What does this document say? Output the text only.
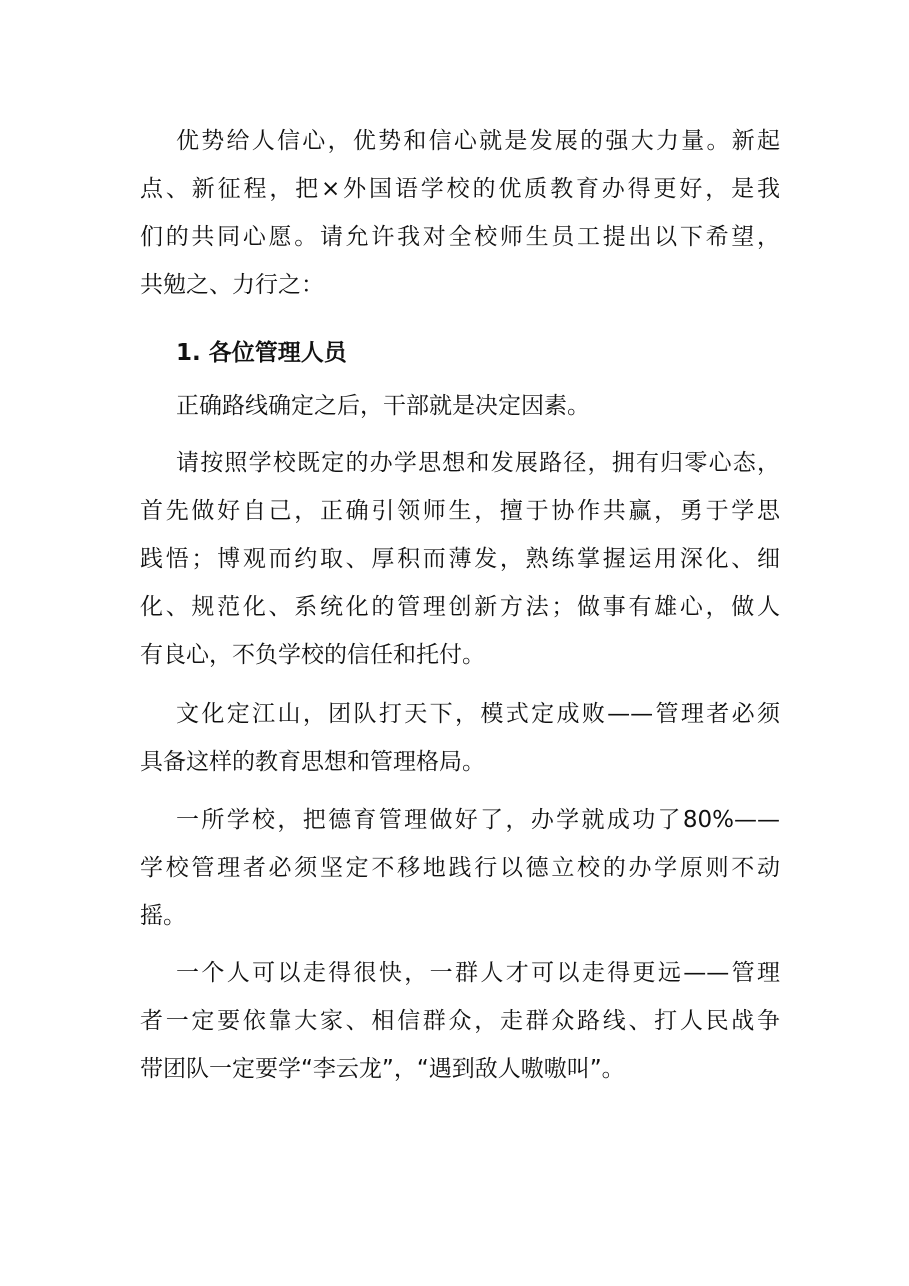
优势给人信心，优势和信心就是发展的强大力量。新起
点、新征程，把×外国语学校的优质教育办得更好，是我
们的共同心愿。请允许我对全校师生员工提出以下希望，
共勉之、力行之：
1. 各位管理人员
正确路线确定之后，干部就是决定因素。
请按照学校既定的办学思想和发展路径，拥有归零心态，
首先做好自己，正确引领师生，擅于协作共赢，勇于学思
践悟；博观而约取、厚积而薄发，熟练掌握运用深化、细
化、规范化、系统化的管理创新方法；做事有雄心，做人
有良心，不负学校的信任和托付。
文化定江山，团队打天下，模式定成败——管理者必须
具备这样的教育思想和管理格局。
一所学校，把德育管理做好了，办学就成功了80%——
学校管理者必须坚定不移地践行以德立校的办学原则不动
摇。
一个人可以走得很快，一群人才可以走得更远——管理
者一定要依靠大家、相信群众，走群众路线、打人民战争
带团队一定要学“李云龙”，“遇到敌人嗷嗷叫”。
